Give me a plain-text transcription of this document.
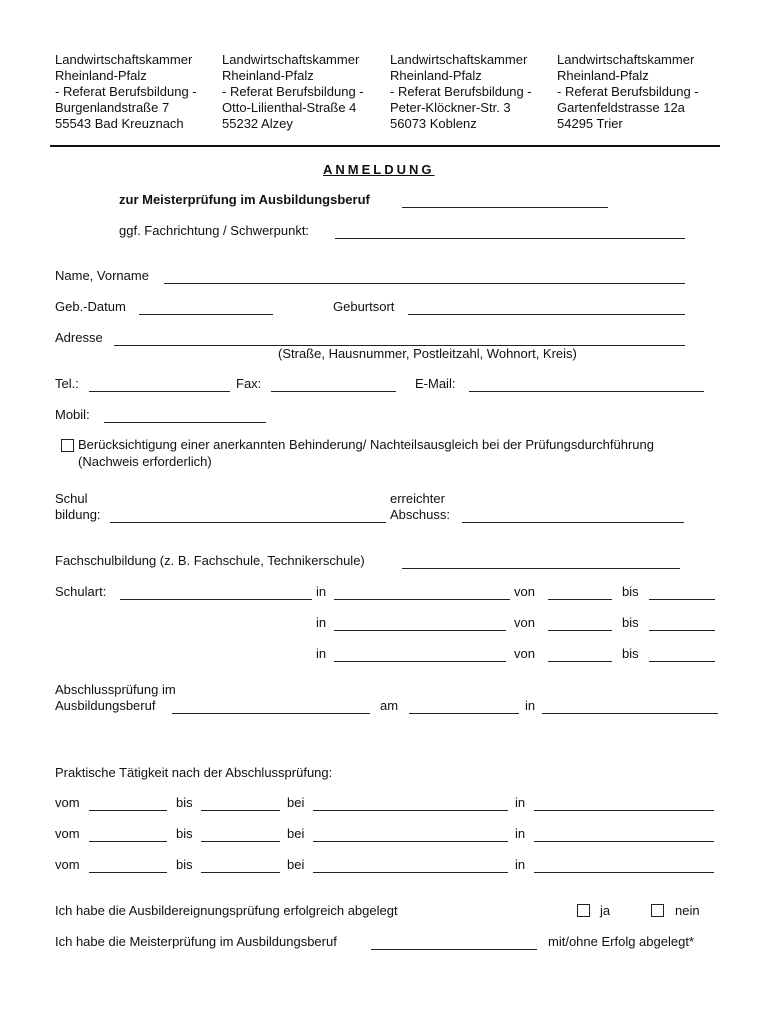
Landwirtschaftskammer
Rheinland-Pfalz
- Referat Berufsbildung -
Burgenlandstraße 7
55543 Bad Kreuznach
Landwirtschaftskammer
Rheinland-Pfalz
- Referat Berufsbildung -
Otto-Lilienthal-Straße 4
55232 Alzey
Landwirtschaftskammer
Rheinland-Pfalz
- Referat Berufsbildung -
Peter-Klöckner-Str. 3
56073 Koblenz
Landwirtschaftskammer
Rheinland-Pfalz
- Referat Berufsbildung -
Gartenfeldstrasse 12a
54295 Trier
ANMELDUNG
zur Meisterprüfung im Ausbildungsberuf
ggf. Fachrichtung / Schwerpunkt:
Name, Vorname
Geb.-Datum	Geburtsort
Adresse
(Straße, Hausnummer, Postleitzahl, Wohnort, Kreis)
Tel.:	Fax:	E-Mail:
Mobil:
Berücksichtigung einer anerkannten Behinderung/ Nachteilsausgleich bei der Prüfungsdurchführung
(Nachweis erforderlich)
Schul
bildung:
erreichter
Abschuss:
Fachschulbildung (z. B. Fachschule, Technikerschule)
Schulart:	in	von	bis
in	von	bis
in	von	bis
Abschlussprüfung im
Ausbildungsberuf	am	in
Praktische Tätigkeit nach der Abschlussprüfung:
vom	bis	bei	in
vom	bis	bei	in
vom	bis	bei	in
Ich habe die Ausbildereignungsprüfung erfolgreich abgelegt	ja	nein
Ich habe die Meisterprüfung im Ausbildungsberuf	mit/ohne Erfolg abgelegt*
